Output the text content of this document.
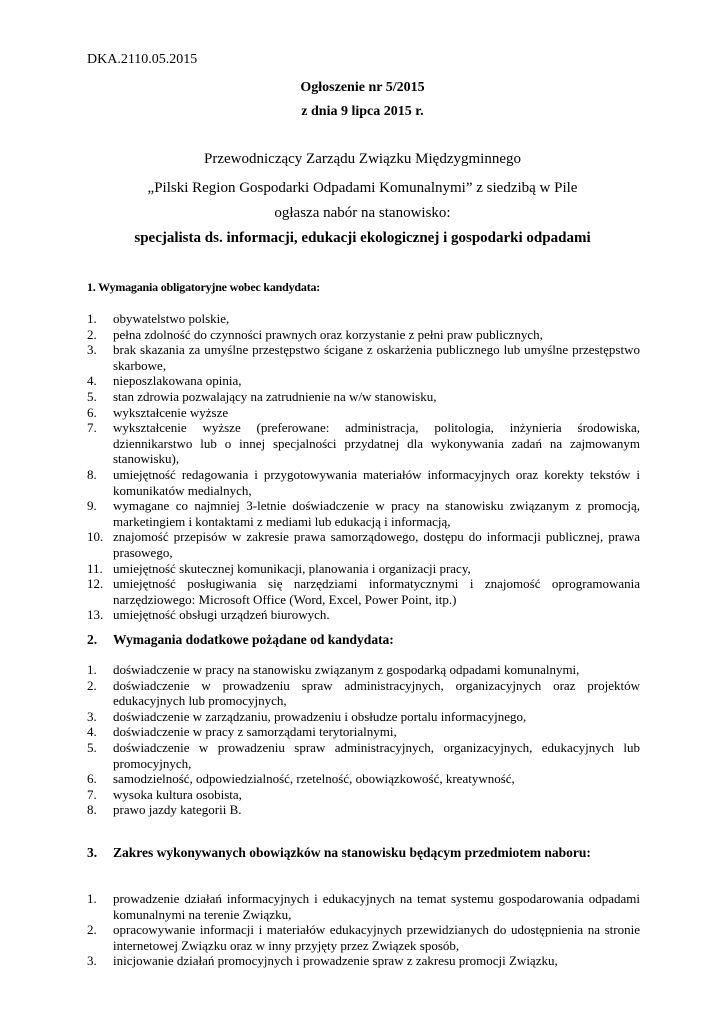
DKA.2110.05.2015
Ogłoszenie nr 5/2015
z dnia 9 lipca 2015 r.
Przewodniczący Zarządu Związku Międzygminnego
„Pilski Region Gospodarki Odpadami Komunalnymi” z siedzibą w Pile
ogłasza nabór na stanowisko:
specjalista ds. informacji, edukacji ekologicznej i gospodarki odpadami
1. Wymagania obligatoryjne wobec kandydata:
1.	obywatelstwo polskie,
2.	pełna zdolność do czynności prawnych oraz korzystanie z pełni praw publicznych,
3.	brak skazania za umyślne przestępstwo ścigane z oskarżenia publicznego lub umyślne przestępstwo skarbowe,
4.	nieposzlakowana opinia,
5.	stan zdrowia pozwalający na zatrudnienie na w/w stanowisku,
6.	wykształcenie wyższe
7.	wykształcenie wyższe (preferowane: administracja, politologia, inżynieria środowiska, dziennikarstwo lub o innej specjalności przydatnej dla wykonywania zadań na zajmowanym stanowisku),
8.	umiejętność redagowania i przygotowywania materiałów informacyjnych oraz korekty tekstów i komunikatów medialnych,
9.	wymagane co najmniej 3-letnie doświadczenie w pracy na stanowisku związanym z promocją, marketingiem i kontaktami z mediami lub edukacją i informacją,
10. znajomość przepisów w zakresie prawa samorządowego, dostępu do informacji publicznej, prawa prasowego,
11. umiejętność skutecznej komunikacji, planowania i organizacji pracy,
12. umiejętność posługiwania się narzędziami informatycznymi i znajomość oprogramowania narzędziowego: Microsoft Office (Word, Excel, Power Point, itp.)
13. umiejętność obsługi urządzeń biurowych.
2. Wymagania dodatkowe pożądane od kandydata:
1.	doświadczenie w pracy na stanowisku związanym z gospodarką odpadami komunalnymi,
2.	doświadczenie w prowadzeniu spraw administracyjnych, organizacyjnych oraz projektów edukacyjnych lub promocyjnych,
3.	doświadczenie w zarządzaniu, prowadzeniu i obsłudze portalu informacyjnego,
4.	doświadczenie w pracy z samorządami terytorialnymi,
5.	doświadczenie w prowadzeniu spraw administracyjnych, organizacyjnych, edukacyjnych lub promocyjnych,
6.	samodzielność, odpowiedzialność, rzetelność, obowiązkowość, kreatywność,
7.	wysoka kultura osobista,
8.	prawo jazdy kategorii B.
3. Zakres wykonywanych obowiązków na stanowisku będącym przedmiotem naboru:
1.	prowadzenie działań informacyjnych i edukacyjnych na temat systemu gospodarowania odpadami komunalnymi na terenie Związku,
2.	opracowywanie informacji i materiałów edukacyjnych przewidzianych do udostępnienia na stronie internetowej Związku oraz w inny przyjęty przez Związek sposób,
3.	inicjowanie działań promocyjnych i prowadzenie spraw z zakresu promocji Związku,
